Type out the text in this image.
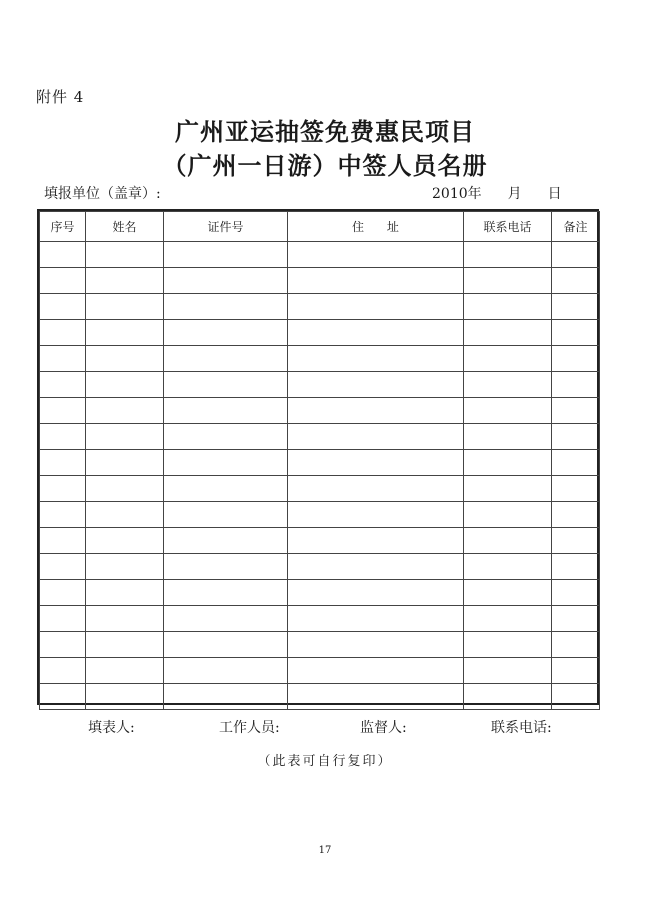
附件 4
广州亚运抽签免费惠民项目
（广州一日游）中签人员名册
填报单位（盖章）:	2010年 月 日
序号	姓名	证件号	住      址	联系电话	备注

填表人:	工作人员:	监督人:	联系电话:
（此表可自行复印）
17
